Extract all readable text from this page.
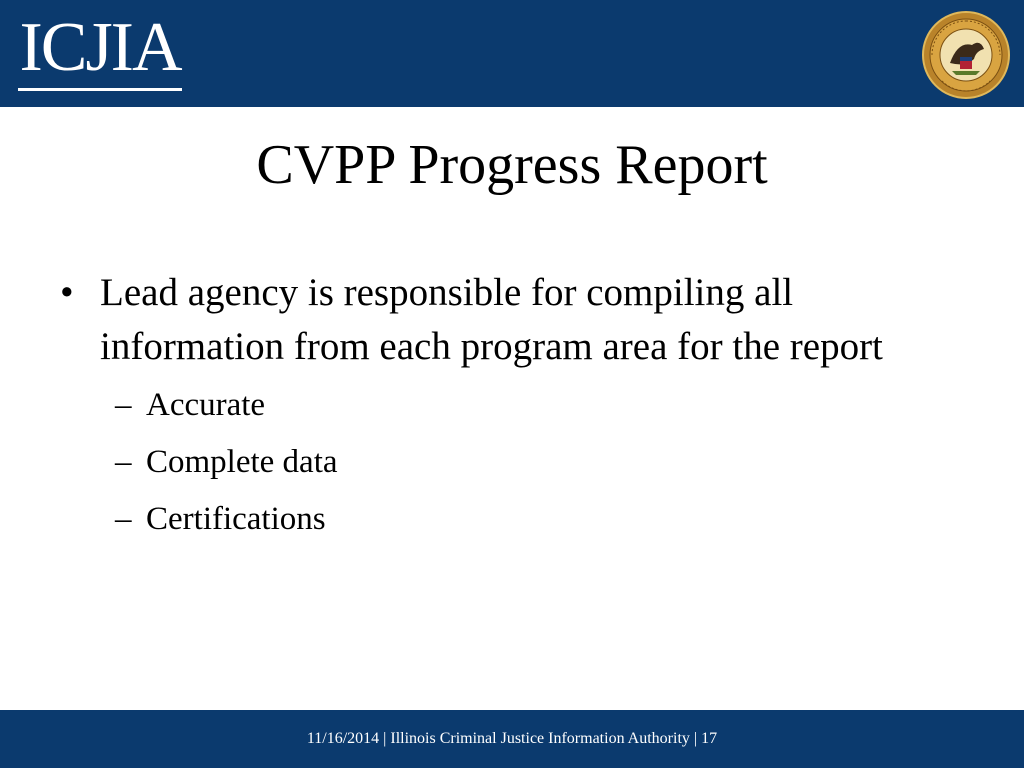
ICJIA
CVPP Progress Report
• Lead agency is responsible for compiling all information from each program area for the report
– Accurate
– Complete data
– Certifications
11/16/2014 | Illinois Criminal Justice Information Authority | 17
